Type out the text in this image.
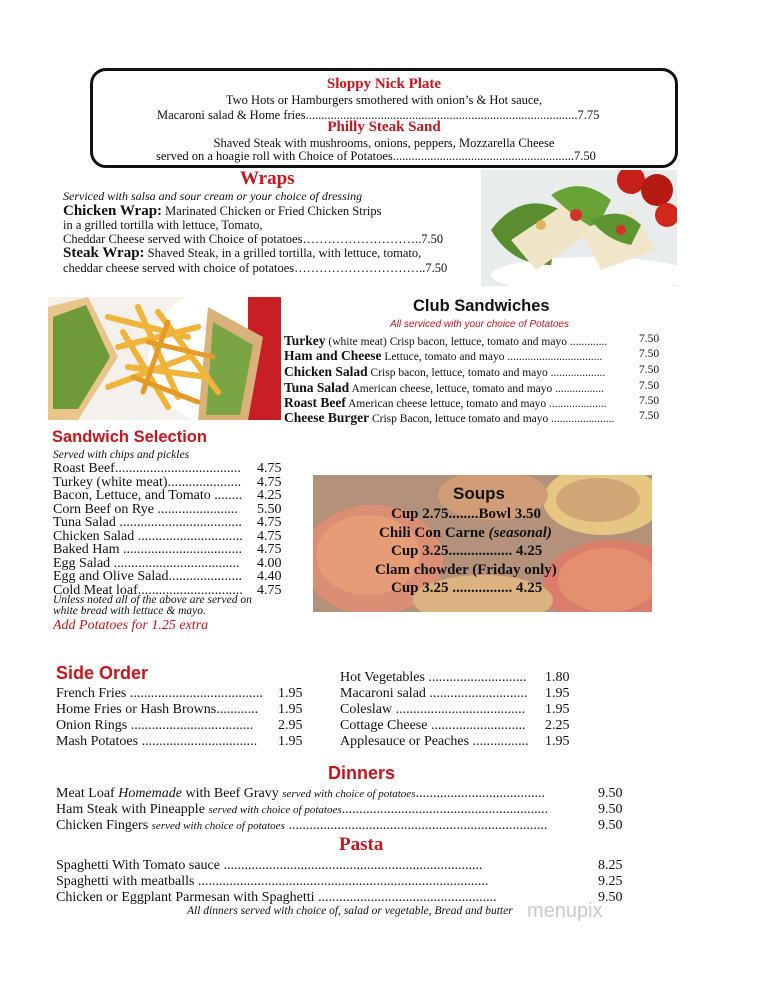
Sloppy Nick Plate
Two Hots or Hamburgers smothered with onion’s & Hot sauce,
Macaroni salad & Home fries.......................................................................................7.75
Philly Steak Sand
Shaved Steak with mushrooms, onions, peppers, Mozzarella Cheese
served on a hoagie roll with Choice of Potatoes..........................................................7.50
Wraps
Serviced with salsa and sour cream or your choice of dressing
Chicken Wrap: Marinated Chicken or Fried Chicken Strips
in a grilled tortilla with lettuce, Tomato,
Cheddar Cheese served with Choice of potatoes………………………..7.50
Steak Wrap: Shaved Steak, in a grilled tortilla, with lettuce, tomato,
cheddar cheese served with choice of potatoes…………………………..7.50
Club Sandwiches
All serviced with your choice of Potatoes
Turkey (white meat) Crisp bacon, lettuce, tomato and mayo .............	7.50
Ham and Cheese Lettuce, tomato and mayo .................................	7.50
Chicken Salad Crisp bacon, lettuce, tomato and mayo ...................	7.50
Tuna Salad American cheese, lettuce, tomato and mayo .................	7.50
Roast Beef American cheese lettuce, tomato and mayo ....................	7.50
Cheese Burger Crisp Bacon, lettuce tomato and mayo ...................... 7.50
Sandwich Selection
Served with chips and pickles
Roast Beef.................................... 4.75
Turkey (white meat)..................... 4.75
Bacon, Lettuce, and Tomato ........ 4.25
Corn Beef on Rye ....................... 5.50
Tuna Salad ................................... 4.75
Chicken Salad .............................. 4.75
Baked Ham .................................. 4.75
Egg Salad .................................... 4.00
Egg and Olive Salad..................... 4.40
Cold Meat loaf.............................. 4.75
Unless noted all of the above are served on
white bread with lettuce & mayo.
Add Potatoes for 1.25 extra
Soups
Cup 2.75........Bowl 3.50
Chili Con Carne (seasonal)
Cup 3.25................. 4.25
Clam chowder (Friday only)
Cup 3.25 ................ 4.25
Side Order
French Fries ...................................... 1.95
Home Fries or Hash Browns............ 1.95
Onion Rings ................................... 2.95
Mash Potatoes ................................. 1.95
Hot Vegetables ............................ 1.80
Macaroni salad ............................ 1.95
Coleslaw ..................................... 1.95
Cottage Cheese ........................... 2.25
Applesauce or Peaches ................ 1.95
Dinners
Meat Loaf Homemade with Beef Gravy served with choice of potatoes.....................................	9.50
Ham Steak with Pineapple served with choice of potatoes...........................................................	9.50
Chicken Fingers served with choice of potatoes ..........................................................................	9.50
Pasta
Spaghetti With Tomato sauce ..........................................................................	8.25
Spaghetti with meatballs ...................................................................................	9.25
Chicken or Eggplant Parmesan with Spaghetti ...................................................	9.50
All dinners served with choice of, salad or vegetable, Bread and butter menupix
